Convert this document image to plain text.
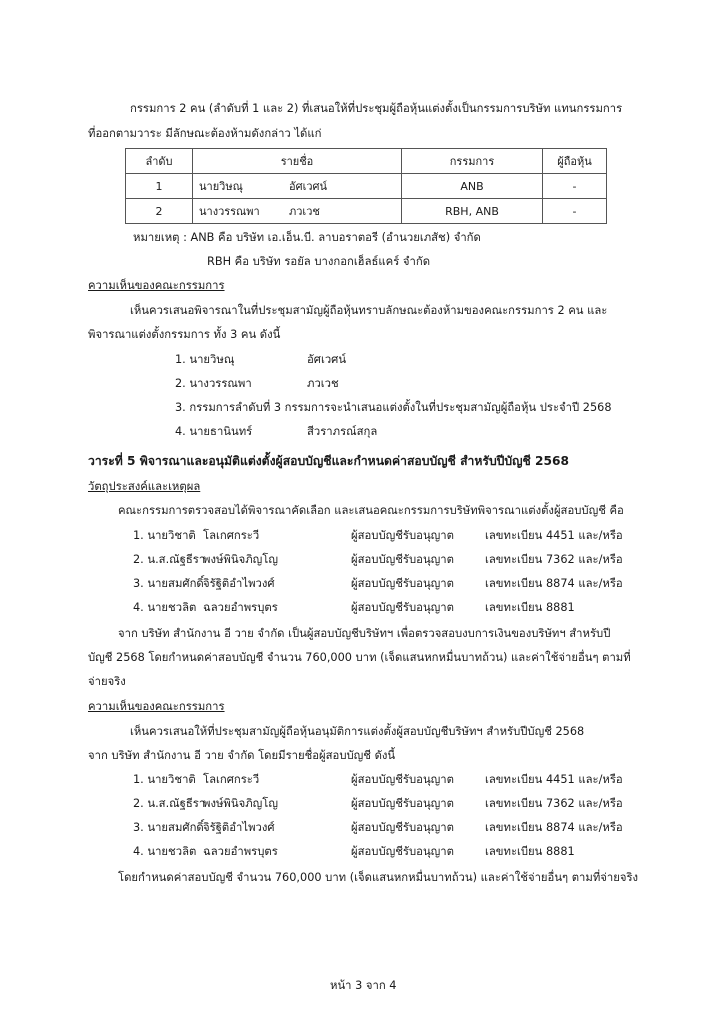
กรรมการ 2 คน (ลำดับที่ 1 และ 2) ที่เสนอให้ที่ประชุมผู้ถือหุ้นแต่งตั้งเป็นกรรมการบริษัท แทนกรรมการ
ที่ออกตามวาระ มีลักษณะต้องห้ามดังกล่าว ได้แก่
ลำดับ	รายชื่อ	กรรมการ	ผู้ถือหุ้น
1	นายวิษณุ อัศเวศน์	ANB	-
2	นางวรรณพา ภวเวช	RBH, ANB	-
หมายเหตุ : ANB คือ บริษัท เอ.เอ็น.บี. ลาบอราตอรี (อำนวยเภสัช) จำกัด
RBH คือ บริษัท รอยัล บางกอกเฮ็ลธ์แคร์ จำกัด
ความเห็นของคณะกรรมการ
เห็นควรเสนอพิจารณาในที่ประชุมสามัญผู้ถือหุ้นทราบลักษณะต้องห้ามของคณะกรรมการ 2 คน และ
พิจารณาแต่งตั้งกรรมการ ทั้ง 3 คน ดังนี้
1. นายวิษณุ	อัศเวศน์
2. นางวรรณพา	ภวเวช
3. กรรมการลำดับที่ 3 กรรมการจะนำเสนอแต่งตั้งในที่ประชุมสามัญผู้ถือหุ้น ประจำปี 2568
4. นายธานินทร์	สีวราภรณ์สกุล
วาระที่ 5 พิจารณาและอนุมัติแต่งตั้งผู้สอบบัญชีและกำหนดค่าสอบบัญชี สำหรับปีบัญชี 2568
วัตถุประสงค์และเหตุผล
คณะกรรมการตรวจสอบได้พิจารณาคัดเลือก และเสนอคณะกรรมการบริษัทพิจารณาแต่งตั้งผู้สอบบัญชี คือ
1. นายวิชาติ โลเกศกระวี	ผู้สอบบัญชีรับอนุญาต	เลขทะเบียน 4451 และ/หรือ
2. น.ส.ณัฐธีรา
พงษ์พินิจภิญโญ	ผู้สอบบัญชีรับอนุญาต	เลขทะเบียน 7362 และ/หรือ
3. นายสมศักดิ์ จิรัฐิติอำไพวงศ์	ผู้สอบบัญชีรับอนุญาต	เลขทะเบียน 8874 และ/หรือ
4. นายชวลิต ฉลวยอำพรบุตร	ผู้สอบบัญชีรับอนุญาต	เลขทะเบียน 8881
จาก บริษัท สำนักงาน อี วาย จำกัด เป็นผู้สอบบัญชีบริษัทฯ เพื่อตรวจสอบงบการเงินของบริษัทฯ สำหรับปี
บัญชี 2568 โดยกำหนดค่าสอบบัญชี จำนวน 760,000 บาท (เจ็ดแสนหกหมื่นบาทถ้วน) และค่าใช้จ่ายอื่นๆ ตามที่
จ่ายจริง
ความเห็นของคณะกรรมการ
เห็นควรเสนอให้ที่ประชุมสามัญผู้ถือหุ้นอนุมัติการแต่งตั้งผู้สอบบัญชีบริษัทฯ สำหรับปีบัญชี 2568
จาก บริษัท สำนักงาน อี วาย จำกัด โดยมีรายชื่อผู้สอบบัญชี ดังนี้
1. นายวิชาติ โลเกศกระวี	ผู้สอบบัญชีรับอนุญาต	เลขทะเบียน 4451 และ/หรือ
2. น.ส.ณัฐธีรา
พงษ์พินิจภิญโญ	ผู้สอบบัญชีรับอนุญาต	เลขทะเบียน 7362 และ/หรือ
3. นายสมศักดิ์ จิรัฐิติอำไพวงศ์	ผู้สอบบัญชีรับอนุญาต	เลขทะเบียน 8874 และ/หรือ
4. นายชวลิต ฉลวยอำพรบุตร	ผู้สอบบัญชีรับอนุญาต	เลขทะเบียน 8881
โดยกำหนดค่าสอบบัญชี จำนวน 760,000 บาท (เจ็ดแสนหกหมื่นบาทถ้วน) และค่าใช้จ่ายอื่นๆ ตามที่จ่ายจริง
หน้า 3 จาก 4
